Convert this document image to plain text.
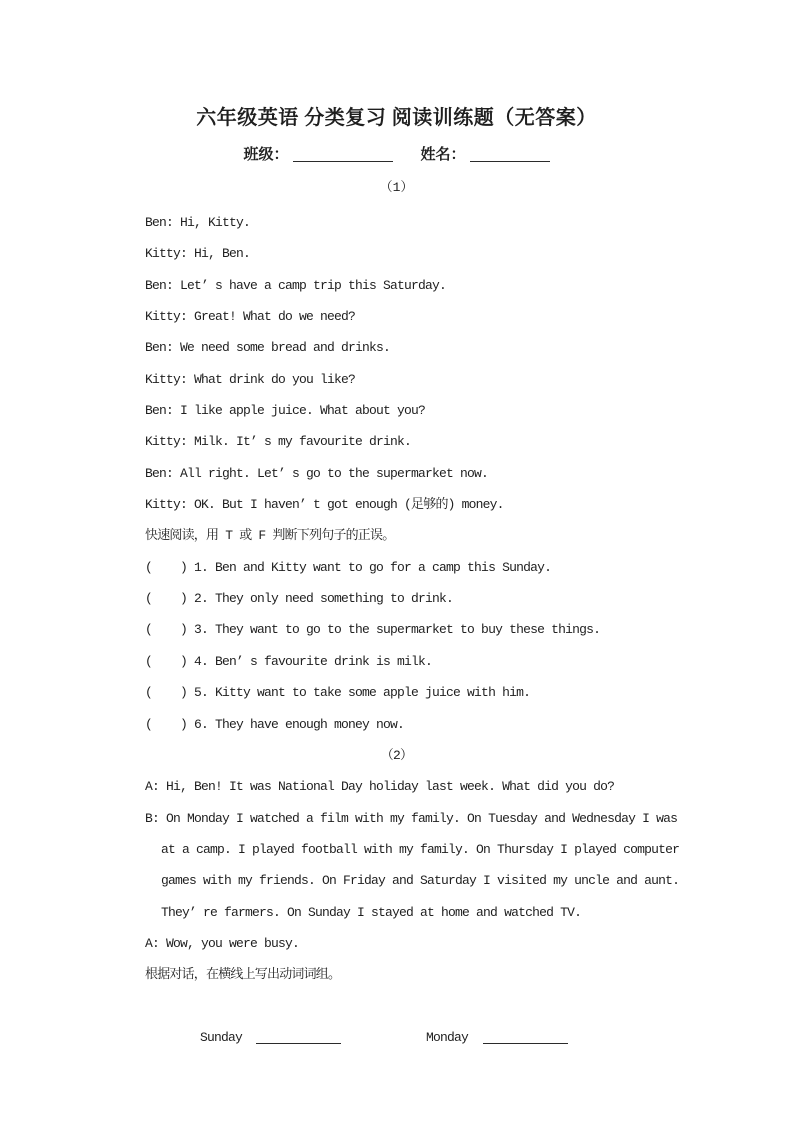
六年级英语 分类复习 阅读训练题（无答案）
班级：	姓名：
（1）
Ben: Hi, Kitty.
Kitty: Hi, Ben.
Ben: Let’ s have a camp trip this Saturday.
Kitty: Great! What do we need?
Ben: We need some bread and drinks.
Kitty: What drink do you like?
Ben: I like apple juice. What about you?
Kitty: Milk. It’ s my favourite drink.
Ben: All right. Let’ s go to the supermarket now.
Kitty: OK. But I haven’ t got enough (足够的) money.
快速阅读，用 T 或 F 判断下列句子的正误。
(    ) 1. Ben and Kitty want to go for a camp this Sunday.
(    ) 2. They only need something to drink.
(    ) 3. They want to go to the supermarket to buy these things.
(    ) 4. Ben’ s favourite drink is milk.
(    ) 5. Kitty want to take some apple juice with him.
(    ) 6. They have enough money now.
（2）
A: Hi, Ben! It was National Day holiday last week. What did you do?
B: On Monday I watched a film with my family. On Tuesday and Wednesday I was
at a camp. I played football with my family. On Thursday I played computer
games with my friends. On Friday and Saturday I visited my uncle and aunt.
They’ re farmers. On Sunday I stayed at home and watched TV.
A: Wow, you were busy.
根据对话，在横线上写出动词词组。

Sunday	Monday
